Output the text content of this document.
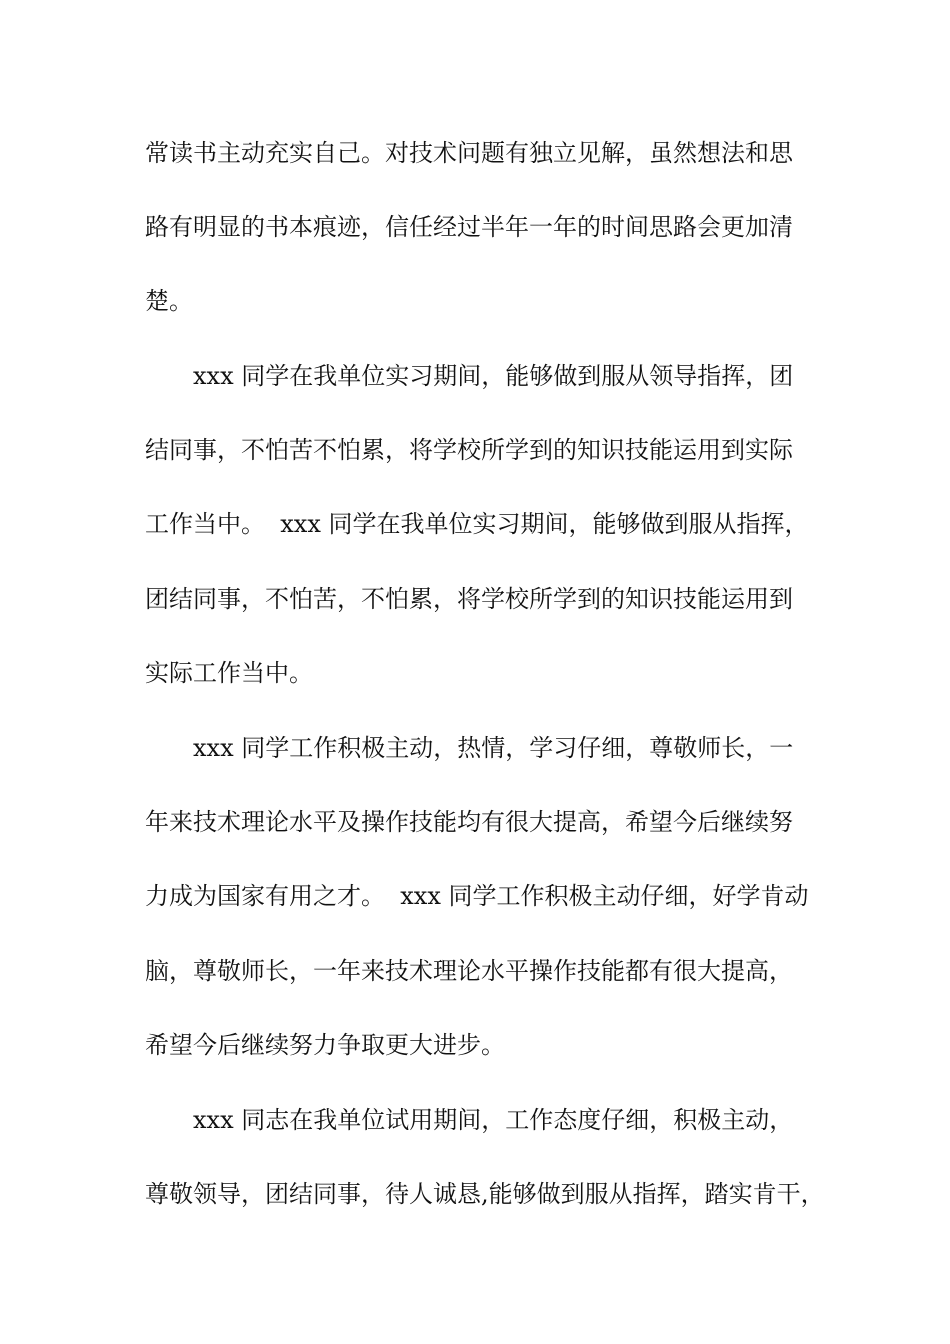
常读书主动充实自己。对技术问题有独立见解，虽然想法和思
路有明显的书本痕迹，信任经过半年一年的时间思路会更加清
楚。
xxx 同学在我单位实习期间，能够做到服从领导指挥，团
结同事，不怕苦不怕累，将学校所学到的知识技能运用到实际
工作当中。  xxx 同学在我单位实习期间，能够做到服从指挥，
团结同事，不怕苦，不怕累，将学校所学到的知识技能运用到
实际工作当中。
xxx 同学工作积极主动，热情，学习仔细，尊敬师长，一
年来技术理论水平及操作技能均有很大提高，希望今后继续努
力成为国家有用之才。  xxx 同学工作积极主动仔细，好学肯动
脑，尊敬师长，一年来技术理论水平操作技能都有很大提高，
希望今后继续努力争取更大进步。
xxx 同志在我单位试用期间，工作态度仔细，积极主动，
尊敬领导，团结同事，待人诚恳,能够做到服从指挥，踏实肯干，
